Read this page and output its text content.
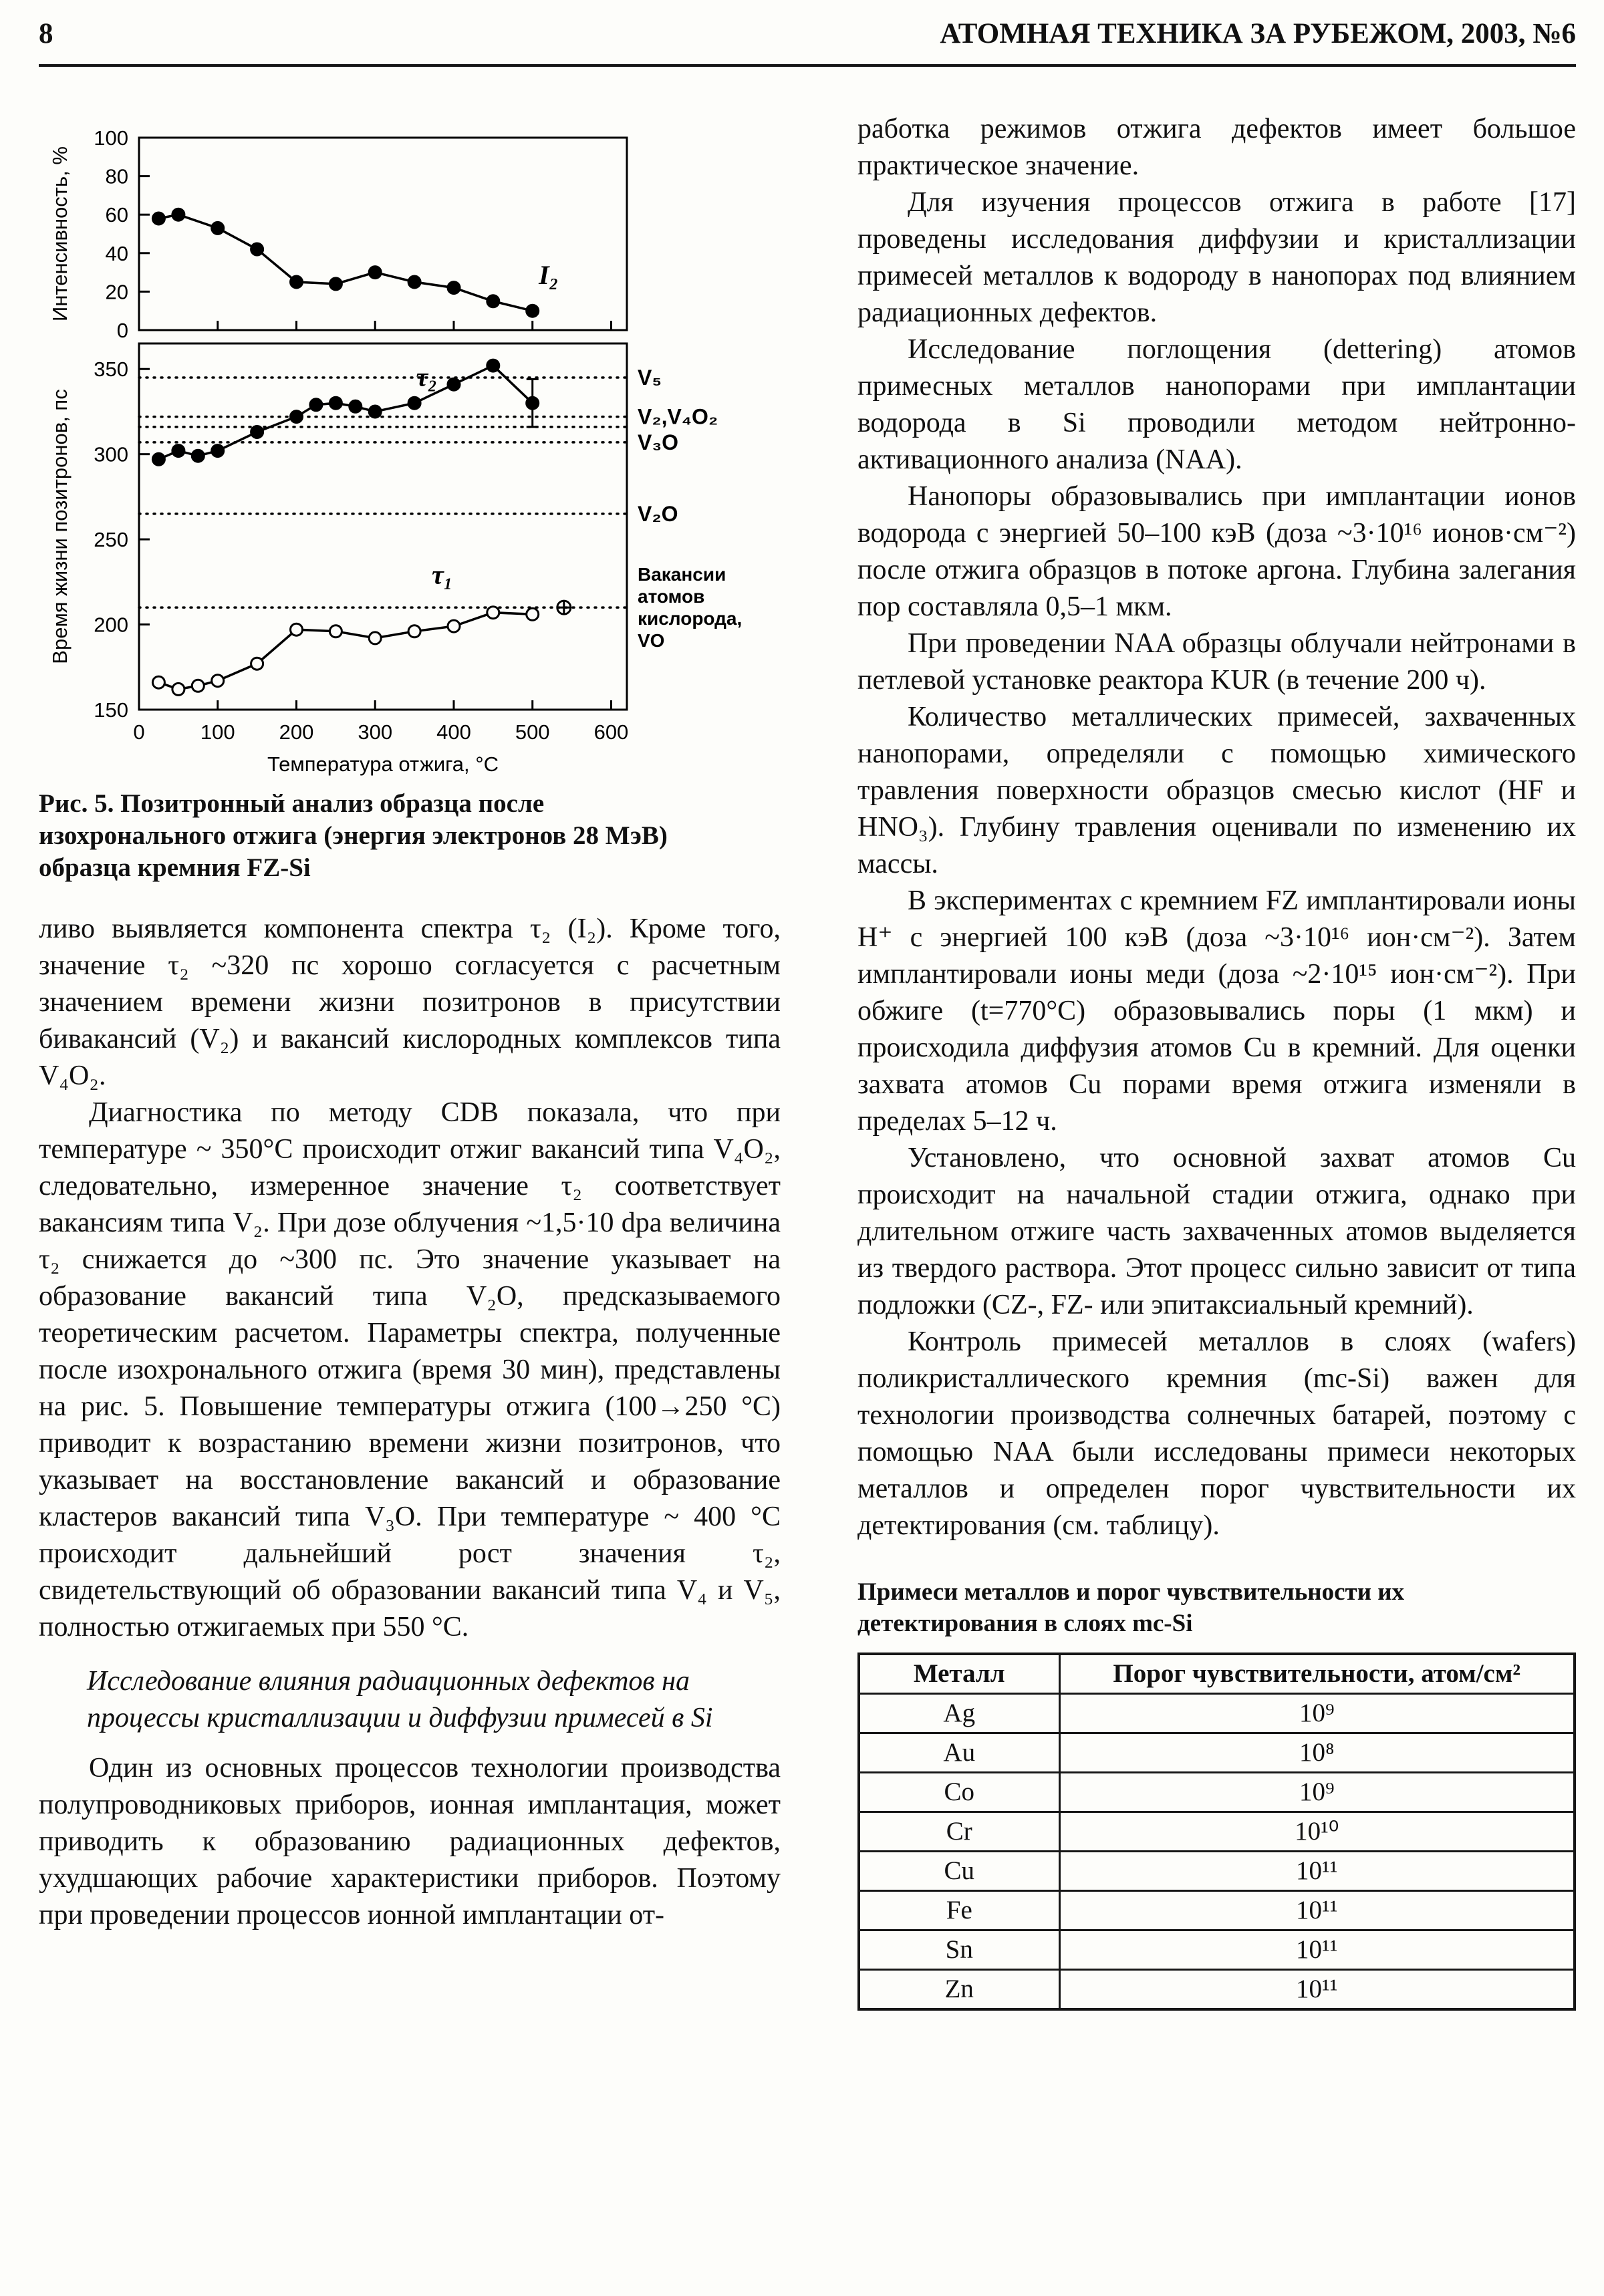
8	АТОМНАЯ ТЕХНИКА ЗА РУБЕЖОМ, 2003, №6
0
20
40
60
80
100
I₂
Интенсивность, %
150
200
250
300
350	V₅
V₂,V₄O₂
V₃O
V₂O
Вакансии
атомов
кислорода,
VO
τ₂
τ₁
Время жизни позитронов, пс
0	100 200 300 400 500 600
Температура отжига, °С
Рис. 5. Позитронный анализ образца после изохронального отжига (энергия электронов 28 МэВ) образца кремния FZ-Si

ливо выявляется компонента спектра τ₂ (I₂). Кроме того, значение τ₂ ~320 пс хорошо согласуется с расчетным значением времени жизни позитронов в присутствии бивакансий (V₂) и вакансий кислородных комплексов типа V₄O₂.

Диагностика по методу CDB показала, что при температуре ~ 350°С происходит отжиг вакансий типа V₄O₂, следовательно, измеренное значение τ₂ соответствует вакансиям типа V₂. При дозе облучения ~1,5·10 dpa величина τ₂ снижается до ~300 пс. Это значение указывает на образование вакансий типа V₂O, предсказываемого теоретическим расчетом. Параметры спектра, полученные после изохронального отжига (время 30 мин), представлены на рис. 5. Повышение температуры отжига (100→250 °С) приводит к возрастанию времени жизни позитронов, что указывает на восстановление вакансий и образование кластеров вакансий типа V₃O. При температуре ~ 400 °С происходит дальнейший рост значения τ₂, свидетельствующий об образовании вакансий типа V₄ и V₅, полностью отжигаемых при 550 °С.

Исследование влияния радиационных дефектов на процессы кристаллизации и диффузии примесей в Si

Один из основных процессов технологии производства полупроводниковых приборов, ионная имплантация, может приводить к образованию радиационных дефектов, ухудшающих рабочие характеристики приборов. Поэтому при проведении процессов ионной имплантации от-

работка режимов отжига дефектов имеет большое практическое значение.

Для изучения процессов отжига в работе [17] проведены исследования диффузии и кристаллизации примесей металлов к водороду в нанопорах под влиянием радиационных дефектов.

Исследование поглощения (dettering) атомов примесных металлов нанопорами при имплантации водорода в Si проводили методом нейтронно-активационного анализа (NAA).

Нанопоры образовывались при имплантации ионов водорода с энергией 50–100 кэВ (доза ~3·10¹⁶ ионов·см⁻²) после отжига образцов в потоке аргона. Глубина залегания пор составляла 0,5–1 мкм.

При проведении NAA образцы облучали нейтронами в петлевой установке реактора KUR (в течение 200 ч).

Количество металлических примесей, захваченных нанопорами, определяли с помощью химического травления поверхности образцов смесью кислот (HF и HNO₃). Глубину травления оценивали по изменению их массы.

В экспериментах с кремнием FZ имплантировали ионы H⁺ с энергией 100 кэВ (доза ~3·10¹⁶ ион·см⁻²). Затем имплантировали ионы меди (доза ~2·10¹⁵ ион·см⁻²). При обжиге (t=770°С) образовывались поры (1 мкм) и происходила диффузия атомов Cu в кремний. Для оценки захвата атомов Cu порами время отжига изменяли в пределах 5–12 ч.

Установлено, что основной захват атомов Cu происходит на начальной стадии отжига, однако при длительном отжиге часть захваченных атомов выделяется из твердого раствора. Этот процесс сильно зависит от типа подложки (CZ-, FZ- или эпитаксиальный кремний).

Контроль примесей металлов в слоях (wafers) поликристаллического кремния (mc-Si) важен для технологии производства солнечных батарей, поэтому с помощью NAA были исследованы примеси некоторых металлов и определен порог чувствительности их детектирования (см. таблицу).

Примеси металлов и порог чувствительности их детектирования в слоях mc-Si
Металл	Порог чувствительности, атом/см²
Ag	10⁹
Au	10⁸
Co	10⁹
Cr	10¹⁰
Cu	10¹¹
Fe	10¹¹
Sn	10¹¹
Zn	10¹¹
